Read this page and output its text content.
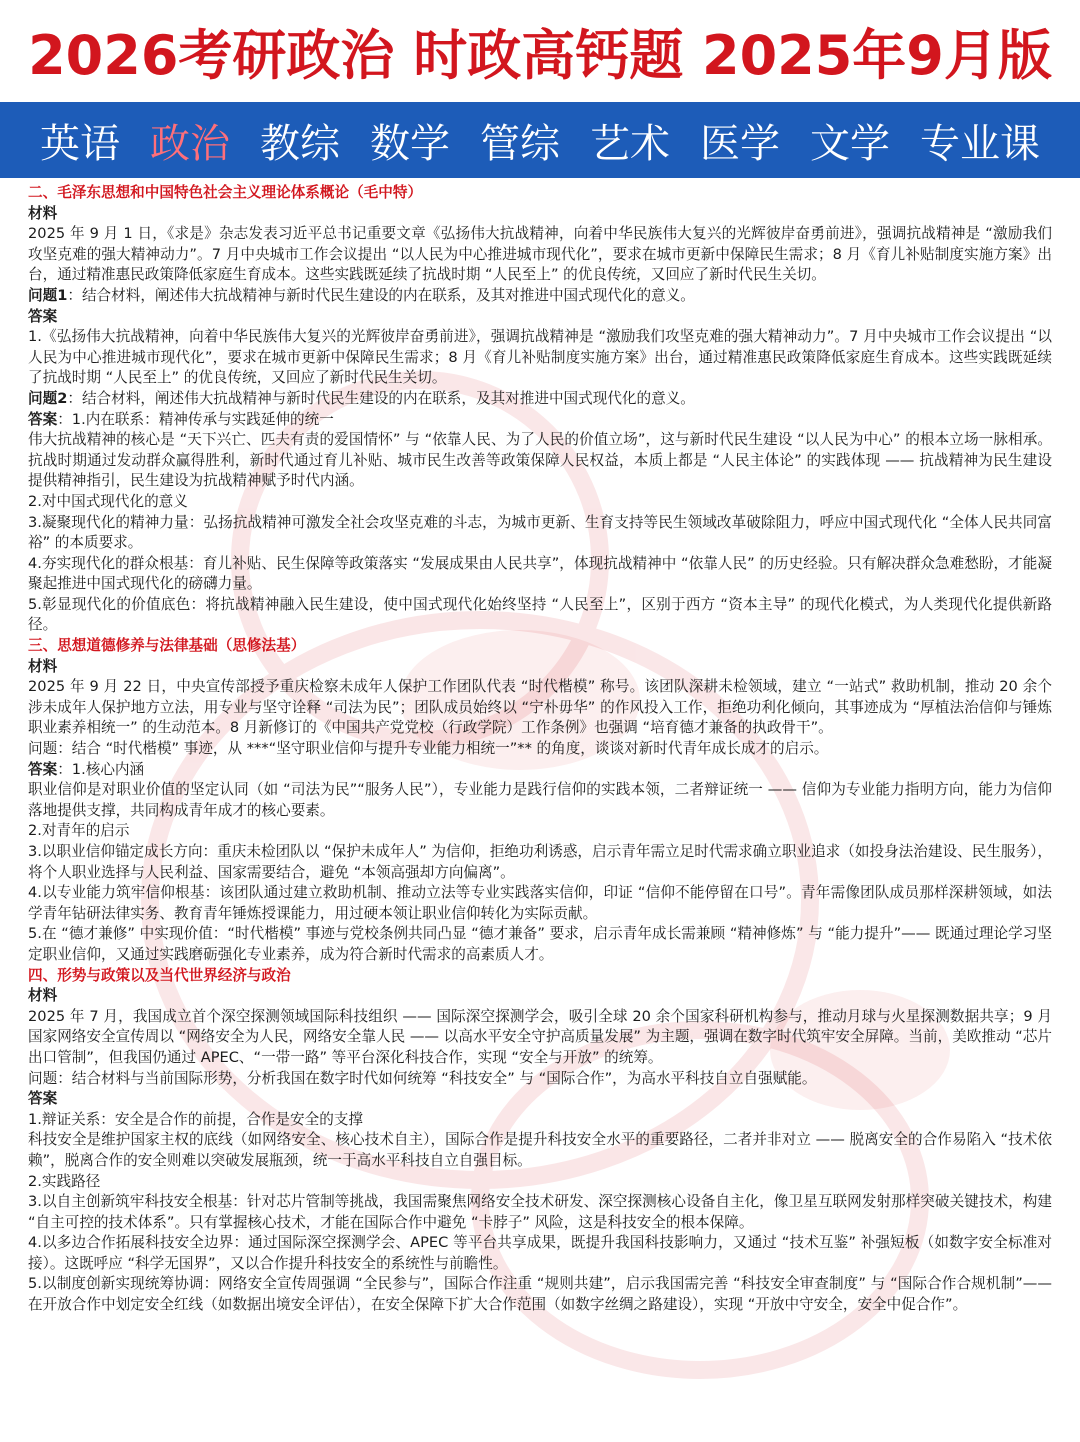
2026考研政治 时政高钙题 2025年9月版
英语 政治 教综 数学 管综 艺术 医学 文学 专业课

二、毛泽东思想和中国特色社会主义理论体系概论（毛中特）

材料

2025 年 9 月 1 日，《求是》杂志发表习近平总书记重要文章《弘扬伟大抗战精神，向着中华民族伟大复兴的光辉彼岸奋勇前进》，强调抗战精神是 “激励我们攻坚克难的强大精神动力”。7 月中央城市工作会议提出 “以人民为中心推进城市现代化”，要求在城市更新中保障民生需求；8 月《育儿补贴制度实施方案》出台，通过精准惠民政策降低家庭生育成本。这些实践既延续了抗战时期 “人民至上” 的优良传统，又回应了新时代民生关切。

问题1：结合材料，阐述伟大抗战精神与新时代民生建设的内在联系，及其对推进中国式现代化的意义。

答案

1.《弘扬伟大抗战精神，向着中华民族伟大复兴的光辉彼岸奋勇前进》，强调抗战精神是 “激励我们攻坚克难的强大精神动力”。7 月中央城市工作会议提出 “以人民为中心推进城市现代化”，要求在城市更新中保障民生需求；8 月《育儿补贴制度实施方案》出台，通过精准惠民政策降低家庭生育成本。这些实践既延续了抗战时期 “人民至上” 的优良传统，又回应了新时代民生关切。

问题2：结合材料，阐述伟大抗战精神与新时代民生建设的内在联系，及其对推进中国式现代化的意义。

答案：1.内在联系：精神传承与实践延伸的统一

伟大抗战精神的核心是 “天下兴亡、匹夫有责的爱国情怀” 与 “依靠人民、为了人民的价值立场”，这与新时代民生建设 “以人民为中心” 的根本立场一脉相承。抗战时期通过发动群众赢得胜利，新时代通过育儿补贴、城市民生改善等政策保障人民权益，本质上都是 “人民主体论” 的实践体现 —— 抗战精神为民生建设提供精神指引，民生建设为抗战精神赋予时代内涵。

2.对中国式现代化的意义

3.凝聚现代化的精神力量：弘扬抗战精神可激发全社会攻坚克难的斗志，为城市更新、生育支持等民生领域改革破除阻力，呼应中国式现代化 “全体人民共同富裕” 的本质要求。

4.夯实现代化的群众根基：育儿补贴、民生保障等政策落实 “发展成果由人民共享”，体现抗战精神中 “依靠人民” 的历史经验。只有解决群众急难愁盼，才能凝聚起推进中国式现代化的磅礴力量。

5.彰显现代化的价值底色：将抗战精神融入民生建设，使中国式现代化始终坚持 “人民至上”，区别于西方 “资本主导” 的现代化模式，为人类现代化提供新路径。

三、思想道德修养与法律基础（思修法基）

材料

2025 年 9 月 22 日，中央宣传部授予重庆检察未成年人保护工作团队代表 “时代楷模” 称号。该团队深耕未检领域，建立 “一站式” 救助机制，推动 20 余个涉未成年人保护地方立法，用专业与坚守诠释 “司法为民”；团队成员始终以 “宁朴毋华” 的作风投入工作，拒绝功利化倾向，其事迹成为 “厚植法治信仰与锤炼职业素养相统一” 的生动范本。8 月新修订的《中国共产党党校（行政学院）工作条例》也强调 “培育德才兼备的执政骨干”。

问题：结合 “时代楷模” 事迹，从 ***“坚守职业信仰与提升专业能力相统一”** 的角度，谈谈对新时代青年成长成才的启示。

答案：1.核心内涵

职业信仰是对职业价值的坚定认同（如 “司法为民”“服务人民”），专业能力是践行信仰的实践本领，二者辩证统一 —— 信仰为专业能力指明方向，能力为信仰落地提供支撑，共同构成青年成才的核心要素。

2.对青年的启示

3.以职业信仰锚定成长方向：重庆未检团队以 “保护未成年人” 为信仰，拒绝功利诱惑，启示青年需立足时代需求确立职业追求（如投身法治建设、民生服务），将个人职业选择与人民利益、国家需要结合，避免 “本领高强却方向偏离”。

4.以专业能力筑牢信仰根基：该团队通过建立救助机制、推动立法等专业实践落实信仰，印证 “信仰不能停留在口号”。青年需像团队成员那样深耕领域，如法学青年钻研法律实务、教育青年锤炼授课能力，用过硬本领让职业信仰转化为实际贡献。

5.在 “德才兼修” 中实现价值：“时代楷模” 事迹与党校条例共同凸显 “德才兼备” 要求，启示青年成长需兼顾 “精神修炼” 与 “能力提升”—— 既通过理论学习坚定职业信仰，又通过实践磨砺强化专业素养，成为符合新时代需求的高素质人才。

四、形势与政策以及当代世界经济与政治

材料

2025 年 7 月，我国成立首个深空探测领域国际科技组织 —— 国际深空探测学会，吸引全球 20 余个国家科研机构参与，推动月球与火星探测数据共享；9 月国家网络安全宣传周以 “网络安全为人民，网络安全靠人民 —— 以高水平安全守护高质量发展” 为主题，强调在数字时代筑牢安全屏障。当前，美欧推动 “芯片出口管制”，但我国仍通过 APEC、“一带一路” 等平台深化科技合作，实现 “安全与开放” 的统筹。

问题：结合材料与当前国际形势，分析我国在数字时代如何统筹 “科技安全” 与 “国际合作”，为高水平科技自立自强赋能。

答案

1.辩证关系：安全是合作的前提，合作是安全的支撑

科技安全是维护国家主权的底线（如网络安全、核心技术自主），国际合作是提升科技安全水平的重要路径，二者并非对立 —— 脱离安全的合作易陷入 “技术依赖”，脱离合作的安全则难以突破发展瓶颈，统一于高水平科技自立自强目标。

2.实践路径

3.以自主创新筑牢科技安全根基：针对芯片管制等挑战，我国需聚焦网络安全技术研发、深空探测核心设备自主化，像卫星互联网发射那样突破关键技术，构建 “自主可控的技术体系”。只有掌握核心技术，才能在国际合作中避免 “卡脖子” 风险，这是科技安全的根本保障。

4.以多边合作拓展科技安全边界：通过国际深空探测学会、APEC 等平台共享成果，既提升我国科技影响力，又通过 “技术互鉴” 补强短板（如数字安全标准对接）。这既呼应 “科学无国界”，又以合作提升科技安全的系统性与前瞻性。

5.以制度创新实现统筹协调：网络安全宣传周强调 “全民参与”，国际合作注重 “规则共建”，启示我国需完善 “科技安全审查制度” 与 “国际合作合规机制”—— 在开放合作中划定安全红线（如数据出境安全评估），在安全保障下扩大合作范围（如数字丝绸之路建设），实现 “开放中守安全，安全中促合作”。
